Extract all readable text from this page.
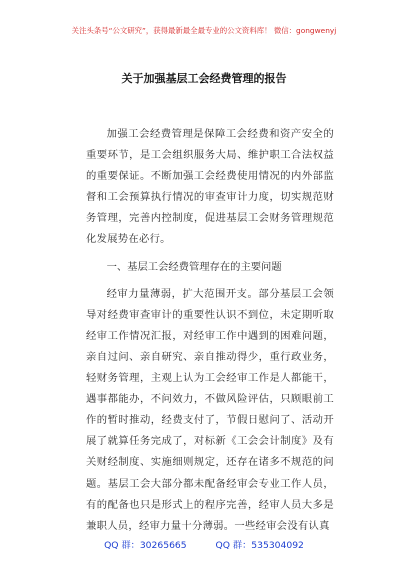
关注头条号“公文研究”，获得最新最全最专业的公文资料库！ 微信：gongwenyj
关于加强基层工会经费管理的报告

加强工会经费管理是保障工会经费和资产安全的重要环节，是工会组织服务大局、维护职工合法权益的重要保证。不断加强工会经费使用情况的内外部监督和工会预算执行情况的审查审计力度，切实规范财务管理，完善内控制度，促进基层工会财务管理规范化发展势在必行。

一、基层工会经费管理存在的主要问题

经审力量薄弱，扩大范围开支。部分基层工会领导对经费审查审计的重要性认识不到位，未定期听取经审工作情况汇报，对经审工作中遇到的困难问题，亲自过问、亲自研究、亲自推动得少，重行政业务，轻财务管理，主观上认为工会经审工作是人都能干，遇事都能办，不问效力，不做风险评估，只顾眼前工作的暂时推动，经费支付了，节假日慰问了、活动开展了就算任务完成了，对标新《工会会计制度》及有关财经制度、实施细则规定，还存在诸多不规范的问题。基层工会大部分都未配备经审会专业工作人员，有的配备也只是形式上的程序完善，经审人员大多是兼职人员，经审力量十分薄弱。一些经审会没有认真

QQ 群：30265665	QQ 群：535304092
